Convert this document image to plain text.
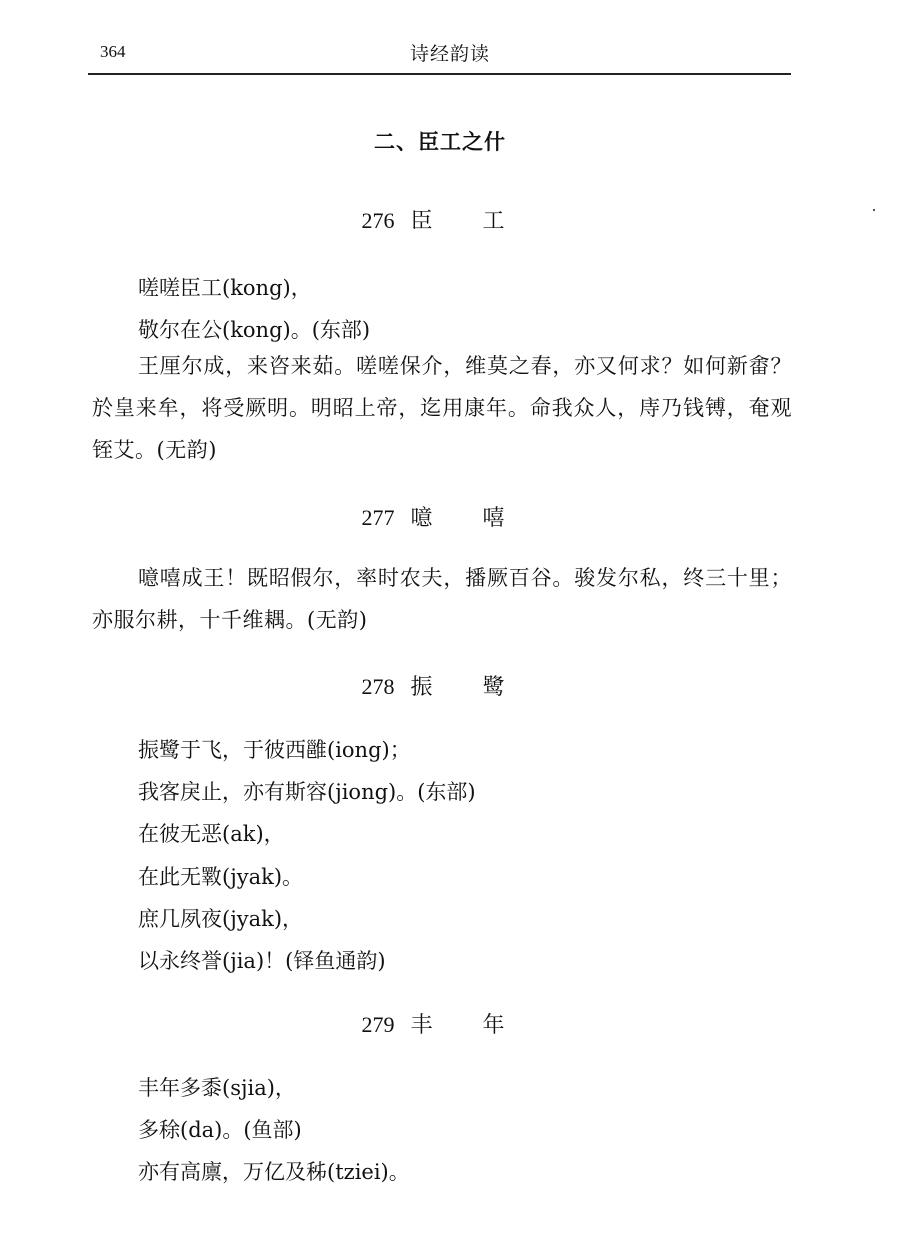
364	诗经韵读
二、臣工之什
276 臣　工
嗟嗟臣工(kong)，
敬尔在公(kong)。(东部)
王厘尔成，来咨来茹。嗟嗟保介，维莫之春，亦又何求？如何新畬？於皇来牟，将受厥明。明昭上帝，迄用康年。命我众人，庤乃钱镈，奄观铚艾。(无韵)
277 噫　嘻
噫嘻成王！既昭假尔，率时农夫，播厥百谷。骏发尔私，终三十里；亦服尔耕，十千维耦。(无韵)
278 振　鹭
振鹭于飞，于彼西雝(iong)；
我客戾止，亦有斯容(jiong)。(东部)
在彼无恶(ak)，
在此无斁(jyak)。
庶几夙夜(jyak)，
以永终誉(jia)！(铎鱼通韵)
279 丰　年
丰年多黍(sjia)，
多稌(da)。(鱼部)
亦有高廪，万亿及秭(tziei)。
